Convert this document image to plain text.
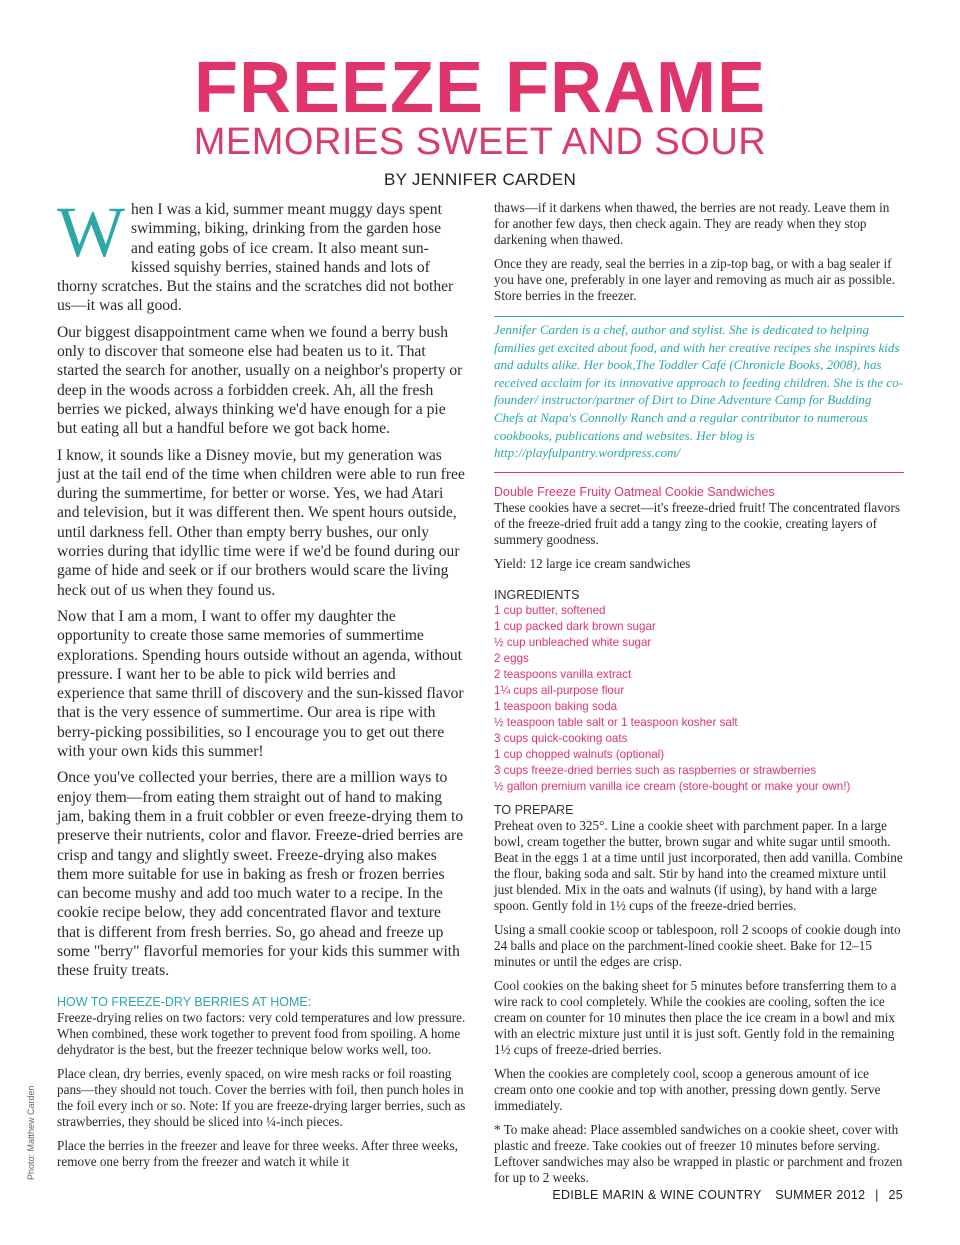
FREEZE FRAME
MEMORIES SWEET AND SOUR
BY JENNIFER CARDEN

When I was a kid, summer meant muggy days spent swimming, biking, drinking from the garden hose and eating gobs of ice cream. It also meant sun-kissed squishy berries, stained hands and lots of thorny scratches. But the stains and the scratches did not bother us—it was all good.

Our biggest disappointment came when we found a berry bush only to discover that someone else had beaten us to it. That started the search for another, usually on a neighbor's property or deep in the woods across a forbidden creek. Ah, all the fresh berries we picked, always thinking we'd have enough for a pie but eating all but a handful before we got back home.

I know, it sounds like a Disney movie, but my generation was just at the tail end of the time when children were able to run free during the summertime, for better or worse. Yes, we had Atari and television, but it was different then. We spent hours outside, until darkness fell. Other than empty berry bushes, our only worries during that idyllic time were if we'd be found during our game of hide and seek or if our brothers would scare the living heck out of us when they found us.

Now that I am a mom, I want to offer my daughter the opportunity to create those same memories of summertime explorations. Spending hours outside without an agenda, without pressure. I want her to be able to pick wild berries and experience that same thrill of discovery and the sun-kissed flavor that is the very essence of summertime. Our area is ripe with berry-picking possibilities, so I encourage you to get out there with your own kids this summer!

Once you've collected your berries, there are a million ways to enjoy them—from eating them straight out of hand to making jam, baking them in a fruit cobbler or even freeze-drying them to preserve their nutrients, color and flavor. Freeze-dried berries are crisp and tangy and slightly sweet. Freeze-drying also makes them more suitable for use in baking as fresh or frozen berries can become mushy and add too much water to a recipe. In the cookie recipe below, they add concentrated flavor and texture that is different from fresh berries. So, go ahead and freeze up some "berry" flavorful memories for your kids this summer with these fruity treats.

HOW TO FREEZE-DRY BERRIES AT HOME:

Freeze-drying relies on two factors: very cold temperatures and low pressure. When combined, these work together to prevent food from spoiling. A home dehydrator is the best, but the freezer technique below works well, too.

Place clean, dry berries, evenly spaced, on wire mesh racks or foil roasting pans—they should not touch. Cover the berries with foil, then punch holes in the foil every inch or so. Note: If you are freeze-drying larger berries, such as strawberries, they should be sliced into ¼-inch pieces.

Place the berries in the freezer and leave for three weeks. After three weeks, remove one berry from the freezer and watch it while it

thaws—if it darkens when thawed, the berries are not ready. Leave them in for another few days, then check again. They are ready when they stop darkening when thawed.

Once they are ready, seal the berries in a zip-top bag, or with a bag sealer if you have one, preferably in one layer and removing as much air as possible. Store berries in the freezer.

Jennifer Carden is a chef, author and stylist. She is dedicated to helping families get excited about food, and with her creative recipes she inspires kids and adults alike. Her book,The Toddler Café (Chronicle Books, 2008), has received acclaim for its innovative approach to feeding children. She is the co-founder/ instructor/partner of Dirt to Dine Adventure Camp for Budding Chefs at Napa's Connolly Ranch and a regular contributor to numerous cookbooks, publications and websites. Her blog is http://playfulpantry.wordpress.com/
Double Freeze Fruity Oatmeal Cookie Sandwiches

These cookies have a secret—it's freeze-dried fruit! The concentrated flavors of the freeze-dried fruit add a tangy zing to the cookie, creating layers of summery goodness.

Yield: 12 large ice cream sandwiches

INGREDIENTS
1 cup butter, softened
1 cup packed dark brown sugar
½ cup unbleached white sugar
2 eggs
2 teaspoons vanilla extract
1¼ cups all-purpose flour
1 teaspoon baking soda
½ teaspoon table salt or 1 teaspoon kosher salt
3 cups quick-cooking oats
1 cup chopped walnuts (optional)
3 cups freeze-dried berries such as raspberries or strawberries
½ gallon premium vanilla ice cream (store-bought or make your own!)
TO PREPARE

Preheat oven to 325°. Line a cookie sheet with parchment paper. In a large bowl, cream together the butter, brown sugar and white sugar until smooth. Beat in the eggs 1 at a time until just incorporated, then add vanilla. Combine the flour, baking soda and salt. Stir by hand into the creamed mixture until just blended. Mix in the oats and walnuts (if using), by hand with a large spoon. Gently fold in 1½ cups of the freeze-dried berries.

Using a small cookie scoop or tablespoon, roll 2 scoops of cookie dough into 24 balls and place on the parchment-lined cookie sheet. Bake for 12–15 minutes or until the edges are crisp.

Cool cookies on the baking sheet for 5 minutes before transferring them to a wire rack to cool completely. While the cookies are cooling, soften the ice cream on counter for 10 minutes then place the ice cream in a bowl and mix with an electric mixture just until it is just soft. Gently fold in the remaining 1½ cups of freeze-dried berries.

When the cookies are completely cool, scoop a generous amount of ice cream onto one cookie and top with another, pressing down gently. Serve immediately.

* To make ahead: Place assembled sandwiches on a cookie sheet, cover with plastic and freeze. Take cookies out of freezer 10 minutes before serving. Leftover sandwiches may also be wrapped in plastic or parchment and frozen for up to 2 weeks.

Photo: Matthew Carden
EDIBLE MARIN & WINE COUNTRY SUMMER 2012 | 25
